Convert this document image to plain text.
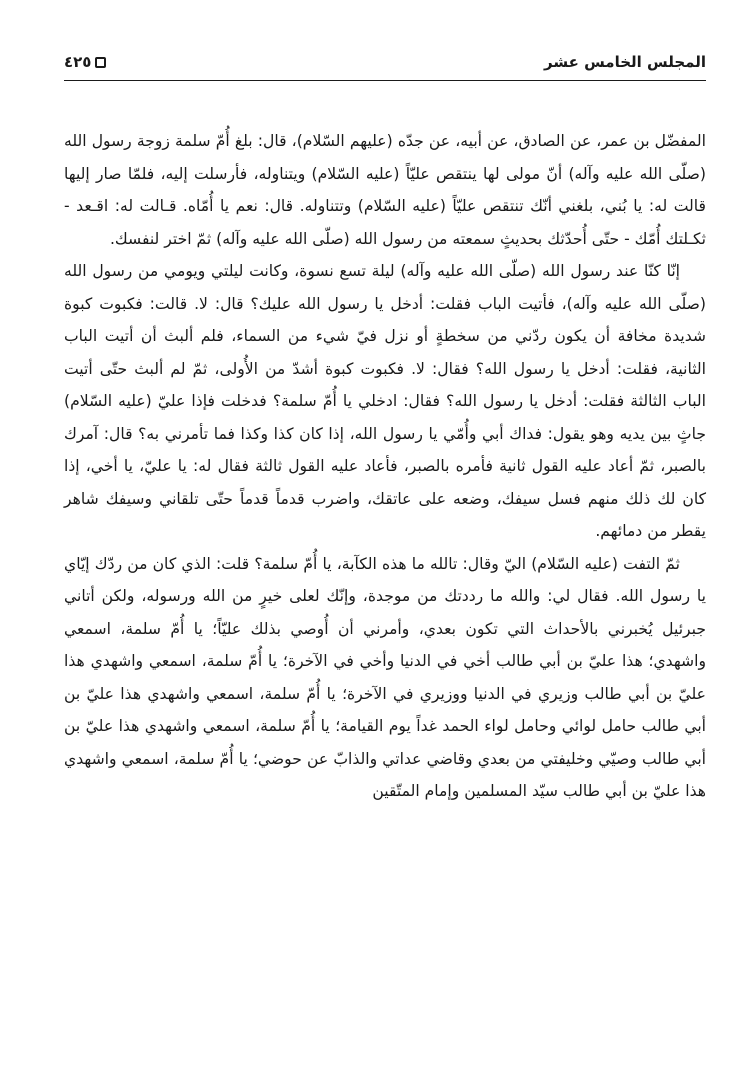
المجلس الخامس عشر
٤٢٥

المفضّل بن عمر، عن الصادق، عن أبيه، عن جدّه (عليهم السّلام)، قال: بلغ أُمّ سلمة زوجة رسول الله (صلّى الله عليه وآله) أنّ مولى لها ينتقص عليّاً (عليه السّلام) ويتناوله، فأرسلت إليه، فلمّا صار إليها قالت له: يا بُني، بلغني أنّك تنتقص عليّاً (عليه السّلام) وتتناوله. قال: نعم يا أُمّاه. قـالت له: اقـعد - ثكـلتك أُمّك - حتّى أُحدّثك بحديثٍ سمعته من رسول الله (صلّى الله عليه وآله) ثمّ اختر لنفسك.

إنّا كنّا عند رسول الله (صلّى الله عليه وآله) ليلة تسع نسوة، وكانت ليلتي ويومي من رسول الله (صلّى الله عليه وآله)، فأتيت الباب فقلت: أدخل يا رسول الله عليك؟ قال: لا. قالت: فكبوت كبوة شديدة مخافة أن يكون ردّني من سخطةٍ أو نزل فيّ شيء من السماء، فلم ألبث أن أتيت الباب الثانية، فقلت: أدخل يا رسول الله؟ فقال: لا. فكبوت كبوة أشدّ من الأُولى، ثمّ لم ألبث حتّى أتيت الباب الثالثة فقلت: أدخل يا رسول الله؟ فقال: ادخلي يا أُمّ سلمة؟ فدخلت فإذا عليّ (عليه السّلام) جاثٍ بين يديه وهو يقول: فداك أبي وأُمّي يا رسول الله، إذا كان كذا وكذا فما تأمرني به؟ قال: آمرك بالصبر، ثمّ أعاد عليه القول ثانية فأمره بالصبر، فأعاد عليه القول ثالثة فقال له: يا عليّ، يا أخي، إذا كان لك ذلك منهم فسل سيفك، وضعه على عاتقك، واضرب قدماً قدماً حتّى تلقاني وسيفك شاهر يقطر من دمائهم.

ثمّ التفت (عليه السّلام) اليّ وقال: تالله ما هذه الكآبة، يا أُمّ سلمة؟ قلت: الذي كان من ردّك إيّاي يا رسول الله. فقال لي: والله ما رددتك من موجدة، وإنّك لعلى خيرٍ من الله ورسوله، ولكن أتاني جبرئيل يُخبرني بالأحداث التي تكون بعدي، وأمرني أن أُوصي بذلك عليّاً؛ يا أُمّ سلمة، اسمعي واشهدي؛ هذا عليّ بن أبي طالب أخي في الدنيا وأخي في الآخرة؛ يا أُمّ سلمة، اسمعي واشهدي هذا عليّ بن أبي طالب وزيري في الدنيا ووزيري في الآخرة؛ يا أُمّ سلمة، اسمعي واشهدي هذا عليّ بن أبي طالب حامل لوائي وحامل لواء الحمد غداً يوم القيامة؛ يا أُمّ سلمة، اسمعي واشهدي هذا عليّ بن أبي طالب وصيّي وخليفتي من بعدي وقاضي عداتي والذابّ عن حوضي؛ يا أُمّ سلمة، اسمعي واشهدي هذا عليّ بن أبي طالب سيّد المسلمين وإمام المتّقين
